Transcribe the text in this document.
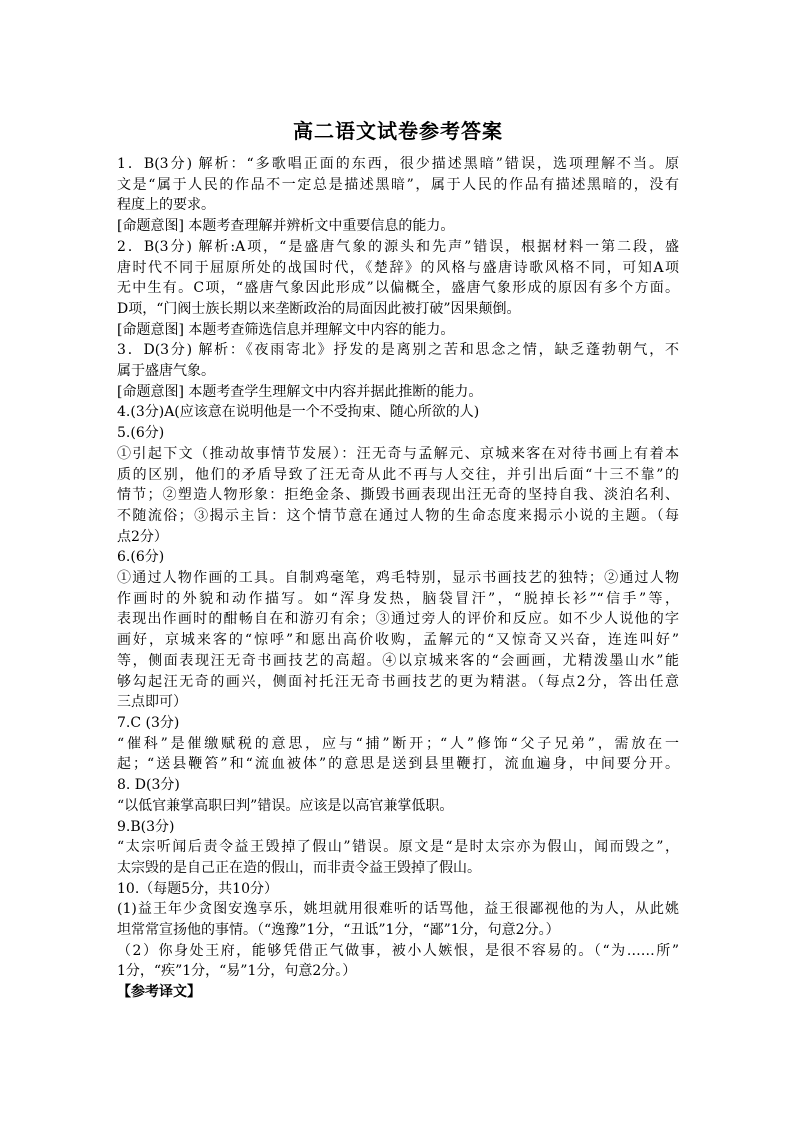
高二语文试卷参考答案
1．B(3分) 解析：“多歌唱正面的东西，很少描述黑暗”错误，选项理解不当。原
文是“属于人民的作品不一定总是描述黑暗”，属于人民的作品有描述黑暗的，没有
程度上的要求。
[命题意图] 本题考查理解并辨析文中重要信息的能力。
2．B(3分) 解析:A项，“是盛唐气象的源头和先声”错误，根据材料一第二段，盛
唐时代不同于屈原所处的战国时代，《楚辞》的风格与盛唐诗歌风格不同，可知A项
无中生有。C项，“盛唐气象因此形成”以偏概全，盛唐气象形成的原因有多个方面。
D项，“门阀士族长期以来垄断政治的局面因此被打破”因果颠倒。
[命题意图] 本题考查筛选信息并理解文中内容的能力。
3．D(3分) 解析：《夜雨寄北》抒发的是离别之苦和思念之情，缺乏蓬勃朝气，不
属于盛唐气象。
[命题意图] 本题考查学生理解文中内容并据此推断的能力。
4.(3分)A(应该意在说明他是一个不受拘束、随心所欲的人)
5.(6分)
①引起下文（推动故事情节发展）：汪无奇与孟解元、京城来客在对待书画上有着本
质的区别，他们的矛盾导致了汪无奇从此不再与人交往，并引出后面“十三不靠”的
情节；②塑造人物形象：拒绝金条、撕毁书画表现出汪无奇的坚持自我、淡泊名利、
不随流俗；③揭示主旨：这个情节意在通过人物的生命态度来揭示小说的主题。（每
点2分）
6.(6分)
①通过人物作画的工具。自制鸡毫笔，鸡毛特别，显示书画技艺的独特；②通过人物
作画时的外貌和动作描写。如“浑身发热，脑袋冒汗”，“脱掉长衫”“信手”等，
表现出作画时的酣畅自在和游刃有余；③通过旁人的评价和反应。如不少人说他的字
画好，京城来客的“惊呼”和愿出高价收购，孟解元的“又惊奇又兴奋，连连叫好”
等，侧面表现汪无奇书画技艺的高超。④以京城来客的“会画画，尤精泼墨山水”能
够勾起汪无奇的画兴，侧面衬托汪无奇书画技艺的更为精湛。（每点2分，答出任意
三点即可）
7.C (3分)
“催科”是催缴赋税的意思，应与“捕”断开；“人”修饰“父子兄弟”，需放在一
起；“送县鞭笞”和“流血被体”的意思是送到县里鞭打，流血遍身，中间要分开。
8. D(3分)
“以低官兼掌高职曰判”错误。应该是以高官兼掌低职。
9.B(3分)
“太宗听闻后责令益王毁掉了假山”错误。原文是“是时太宗亦为假山，闻而毁之”，
太宗毁的是自己正在造的假山，而非责令益王毁掉了假山。
10.（每题5分，共10分）
(1)益王年少贪图安逸享乐，姚坦就用很难听的话骂他，益王很鄙视他的为人，从此姚
坦常常宣扬他的事情。（“逸豫”1分，“丑诋”1分，“鄙”1分，句意2分。）
（2）你身处王府，能够凭借正气做事，被小人嫉恨，是很不容易的。（“为……所”
1分，“疾”1分，“易”1分，句意2分。）
【参考译文】
